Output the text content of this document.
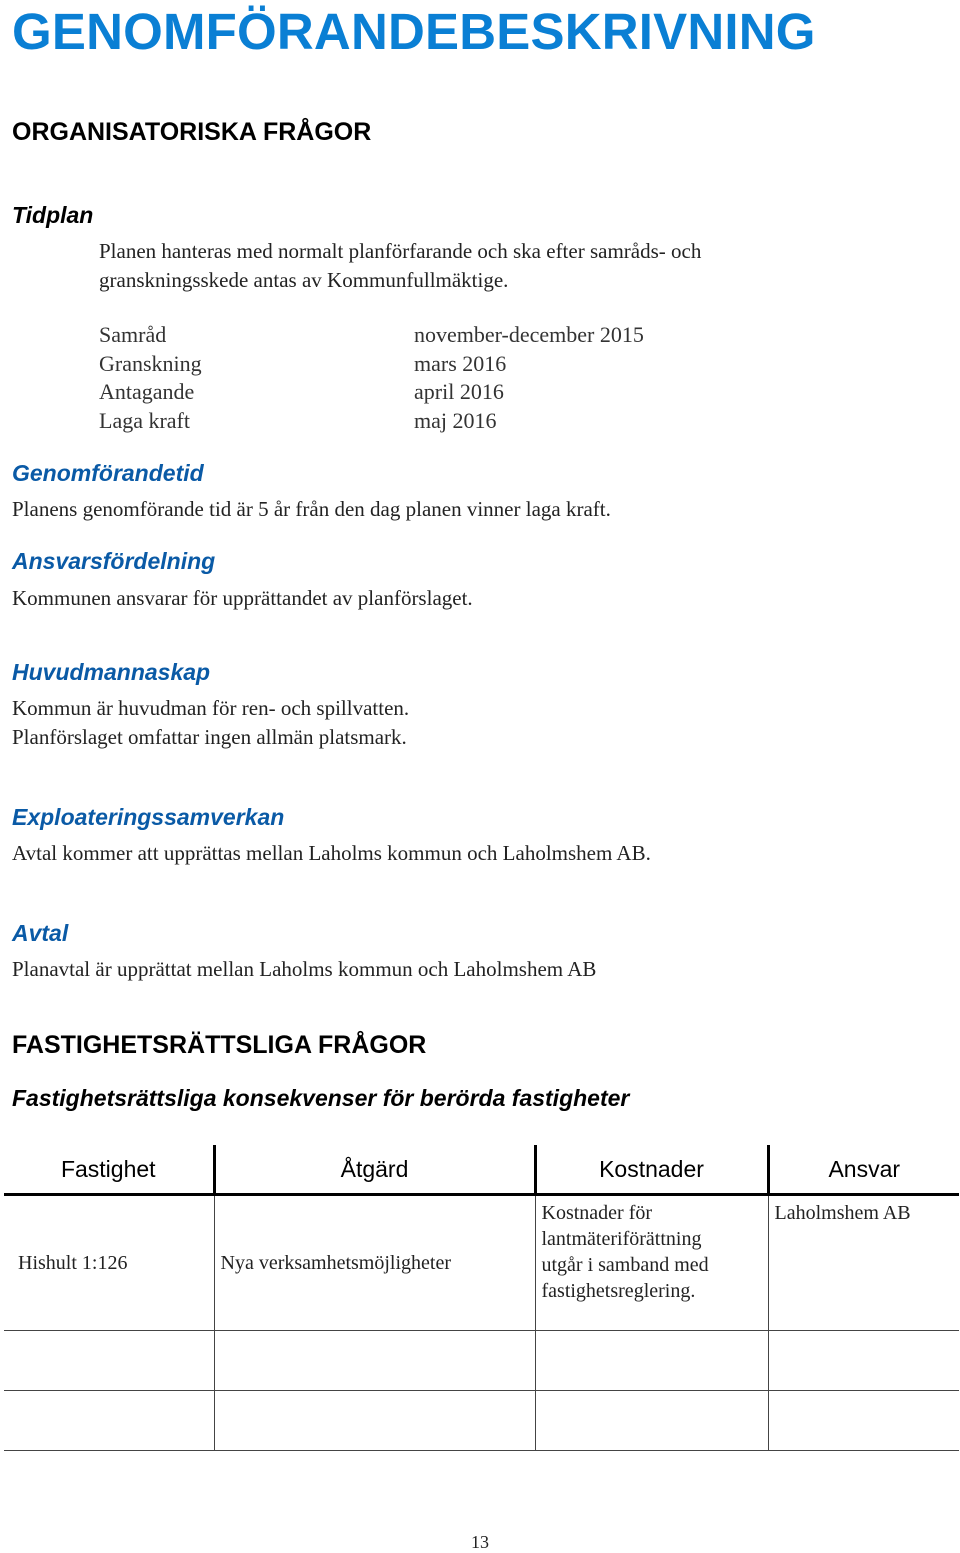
GENOMFÖRANDEBESKRIVNING
ORGANISATORISKA FRÅGOR
Tidplan
Planen hanteras med normalt planförfarande och ska efter samråds- och
granskningsskede antas av Kommunfullmäktige.
Samråd	november-december 2015
Granskning	mars 2016
Antagande	april 2016
Laga kraft	maj 2016
Genomförandetid
Planens genomförande tid är 5 år från den dag planen vinner laga kraft.
Ansvarsfördelning
Kommunen ansvarar för upprättandet av planförslaget.
Huvudmannaskap
Kommun är huvudman för ren- och spillvatten.
Planförslaget omfattar ingen allmän platsmark.
Exploateringssamverkan
Avtal kommer att upprättas mellan Laholms kommun och Laholmshem AB.
Avtal
Planavtal är upprättat mellan Laholms kommun och Laholmshem AB
FASTIGHETSRÄTTSLIGA FRÅGOR
Fastighetsrättsliga konsekvenser för berörda fastigheter
Fastighet	Åtgärd	Kostnader	Ansvar
Hishult 1:126	Nya verksamhetsmöjligheter	Kostnader för
lantmäteriförättning
utgår i samband med
fastighetsreglering.	Laholmshem AB

13
